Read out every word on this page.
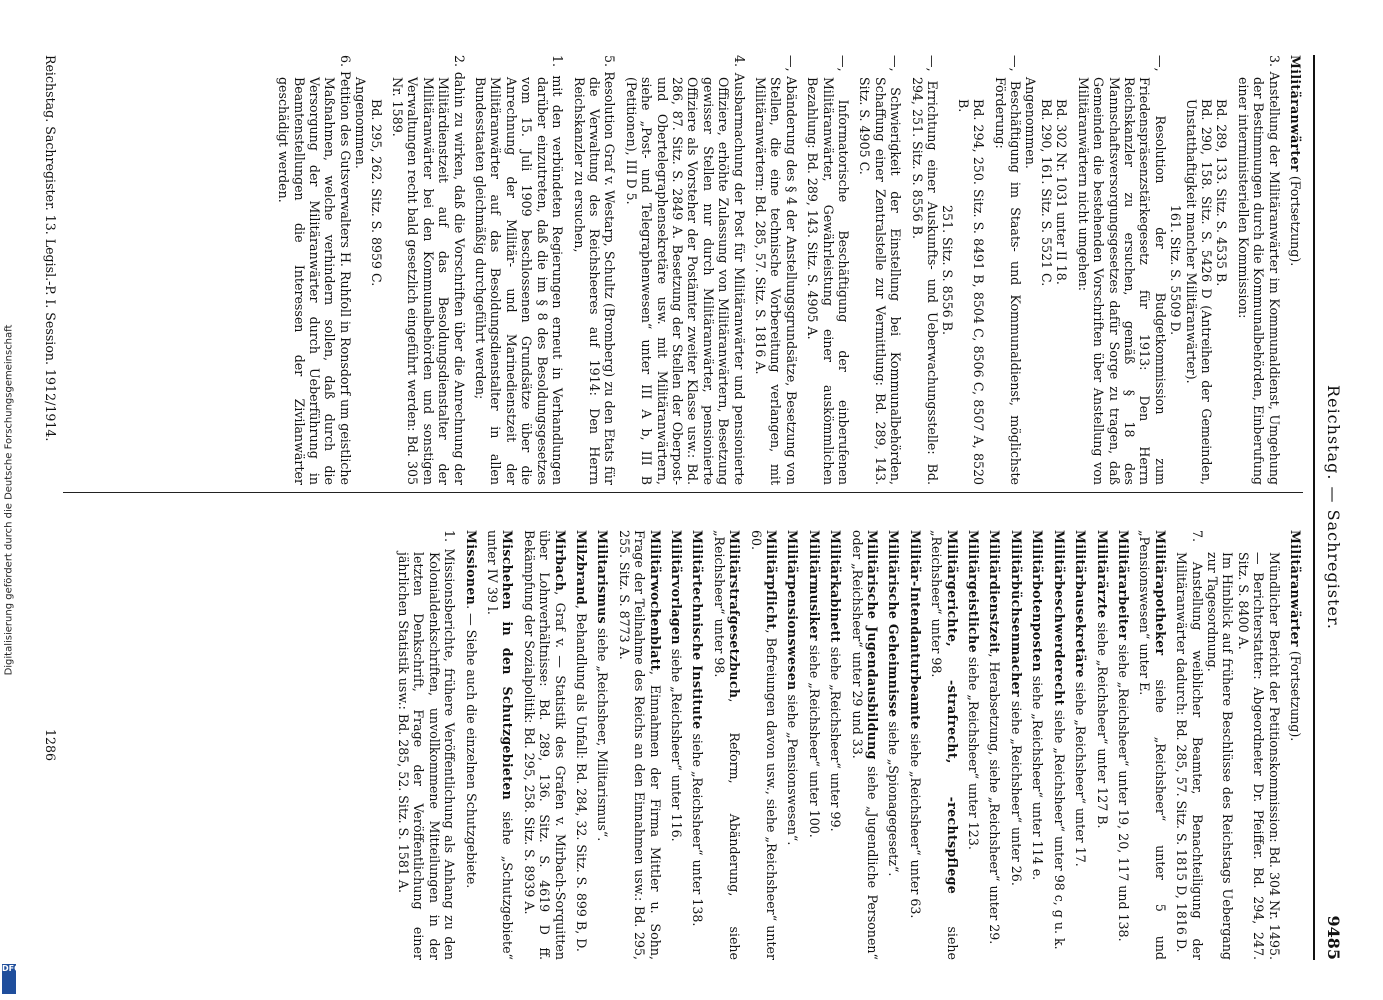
Reichstag. — Sachregister.
9485

Militäranwärter (Fortsetzung).

3. Anstellung der Militäranwärter im Kommunaldienst, Umgehung der Bestimmungen durch die Kommunalbehörden, Einberufung einer interministeriellen Kommission:

Bd. 289, 133. Sitz. S. 4535 B.

Bd. 290, 158. Sitz. S. 5426 D (Antreihen der Gemeinden, Unstatthaftigkeit mancher Militäranwärter).

161. Sitz. S. 5509 D.

—, Resolution der Budgetkommission zum Friedenspräsenzstärkegesetz für 1913: Den Herrn Reichskanzler zu ersuchen, gemäß § 18 des Mannschaftsversorgungsgesetzes dafür Sorge zu tragen, daß Gemeinden die bestehenden Vorschriften über Anstellung von Militäranwärtern nicht umgehen:

Bd. 302 Nr. 1031 unter II 18.

Bd. 290, 161. Sitz. S. 5521 C.

Angenommen.

—, Beschäftigung im Staats- und Kommunaldienst, möglichste Förderung:

Bd. 294, 250. Sitz. S. 8491 B, 8504 C, 8506 C, 8507 A, 8520 B.

251. Sitz. S. 8556 B.

—, Errichtung einer Auskunfts- und Ueberwachungsstelle: Bd. 294, 251. Sitz. S. 8556 B.

—, Schwierigkeit der Einstellung bei Kommunalbehörden, Schaffung einer Zentralstelle zur Vermittlung: Bd. 289, 143. Sitz. S. 4905 C.

—, Informatorische Beschäftigung der einberufenen Militäranwärter, Gewährleistung einer auskömmlichen Bezahlung: Bd. 289, 143. Sitz. S. 4905 A.

—, Abänderung des § 4 der Anstellungsgrundsätze, Besetzung von Stellen, die eine technische Vorbereitung verlangen, mit Militäranwärtern: Bd. 285, 57. Sitz. S. 1816 A.

4. Ausbarmachung der Post für Militäranwärter und pensionierte Offiziere, erhöhte Zulassung von Militäranwärtern, Besetzung gewisser Stellen nur durch Militäranwärter, pensionierte Offiziere als Vorsteher der Postämter zweiter Klasse usw.: Bd. 286, 87. Sitz. S. 2849 A. Besetzung der Stellen der Oberpost- und Obertelegraphensekretäre usw. mit Militäranwärtern, siehe „Post- und Telegraphenwesen“ unter III A b, III B (Petitionen), III D 5.

5. Resolution Graf v. Westarp, Schultz (Bromberg) zu den Etats für die Verwaltung des Reichsheeres auf 1914: Den Herrn Reichskanzler zu ersuchen,

1. mit den verbündeten Regierungen erneut in Verhandlungen darüber einzutreten, daß die im § 8 des Besoldungsgesetzes vom 15. Juli 1909 beschlossenen Grundsätze über die Anrechnung der Militär- und Marinedienstzeit der Militäranwärter auf das Besoldungsdienstalter in allen Bundesstaaten gleichmäßig durchgeführt werden;

2. dahin zu wirken, daß die Vorschriften über die Anrechnung der Militärdienstzeit auf das Besoldungsdienstalter der Militäranwärter bei den Kommunalbehörden und sonstigen Verwaltungen recht bald gesetzlich eingeführt werden: Bd. 305 Nr. 1589.

Bd. 295, 262. Sitz. S. 8959 C.

Angenommen.

6. Petition des Gutsverwalters H. Ruhfoll in Ronsdorf um geistliche Maßnahmen, welche verhindern sollen, daß durch die Versorgung der Militäranwärter durch Ueberführung in Beamtenstellungen die Interessen der Zivilanwärter geschädigt werden.

Militäranwärter (Fortsetzung).

Mündlicher Bericht der Petitionskommission: Bd. 304 Nr. 1495. — Berichterstatter: Abgeordneter Dr. Pfeiffer. Bd. 294, 247. Sitz. S. 8400 A.

Im Hinblick auf frühere Beschlüsse des Reichstags Uebergang zur Tagesordnung.

7. Anstellung weiblicher Beamter, Benachteiligung der Militäranwärter dadurch: Bd. 285, 57. Sitz. S. 1815 D, 1816 D.

Militärapotheker siehe „Reichsheer“ unter 5 und „Pensionswesen“ unter E.

Militärarbeiter siehe „Reichsheer“ unter 19, 20, 117 und 138.

Militärärzte siehe „Reichsheer“ unter 127 B.

Militärbausekretäre siehe „Reichsheer“ unter 17.

Militärbeschwerderecht siehe „Reichsheer“ unter 98 c, g u. k.

Militärbotenposten siehe „Reichsheer“ unter 114 e.

Militärbüchsenmacher siehe „Reichsheer“ unter 26.

Militärdienstzeit, Herabsetzung, siehe „Reichsheer“ unter 29.

Militärgeistliche siehe „Reichsheer“ unter 123.

Militärgerichte, -strafrecht, -rechtspflege siehe „Reichsheer“ unter 98.

Militär-Intendanturbeamte siehe „Reichsheer“ unter 63.

Militärische Geheimnisse siehe „Spionagegesetz“.

Militärische Jugendausbildung siehe „Jugendliche Personen“ oder „Reichsheer“ unter 29 und 33.

Militärkabinett siehe „Reichsheer“ unter 99.

Militärmusiker siehe „Reichsheer“ unter 100.

Militärpensionswesen siehe „Pensionswesen“.

Militärpflicht, Befreiungen davon usw., siehe „Reichsheer“ unter 60.

Militärstrafgesetzbuch, Reform, Abänderung, siehe „Reichsheer“ unter 98.

Militärtechnische Institute siehe „Reichsheer“ unter 138.

Militärvorlagen siehe „Reichsheer“ unter 116.

Militärwochenblatt, Einnahmen der Firma Mittler u. Sohn, Frage der Teilnahme des Reichs an den Einnahmen usw.: Bd. 295, 255. Sitz. S. 8773 A.

Militarismus siehe „Reichsheer, Militarismus“.

Milzbrand, Behandlung als Unfall: Bd. 284, 32. Sitz. S. 899 B, D.

Mirbach, Graf v. — Statistik des Grafen v. Mirbach-Sorquitten über Lohnverhältnisse: Bd. 289, 136. Sitz. S. 4619 D ff. Bekämpfung der Sozialpolitik: Bd. 295, 258. Sitz. S. 8939 A.

Mischehen in den Schutzgebieten siehe „Schutzgebiete“ unter IV 39 l.

Missionen. — Siehe auch die einzelnen Schutzgebiete.

1. Missionsberichte, frühere Veröffentlichung als Anhang zu den Kolonialdenkschriften, unvollkommene Mitteilungen in der letzten Denkschrift, Frage der Veröffentlichung einer jährlichen Statistik usw.: Bd. 285, 52. Sitz. S. 1581 A.

Reichstag. Sachregister. 13. Legisl.-P. I. Session. 1912/1914.
1286
Digitalisierung gefördert durch die Deutsche Forschungsgemeinschaft
DFG
